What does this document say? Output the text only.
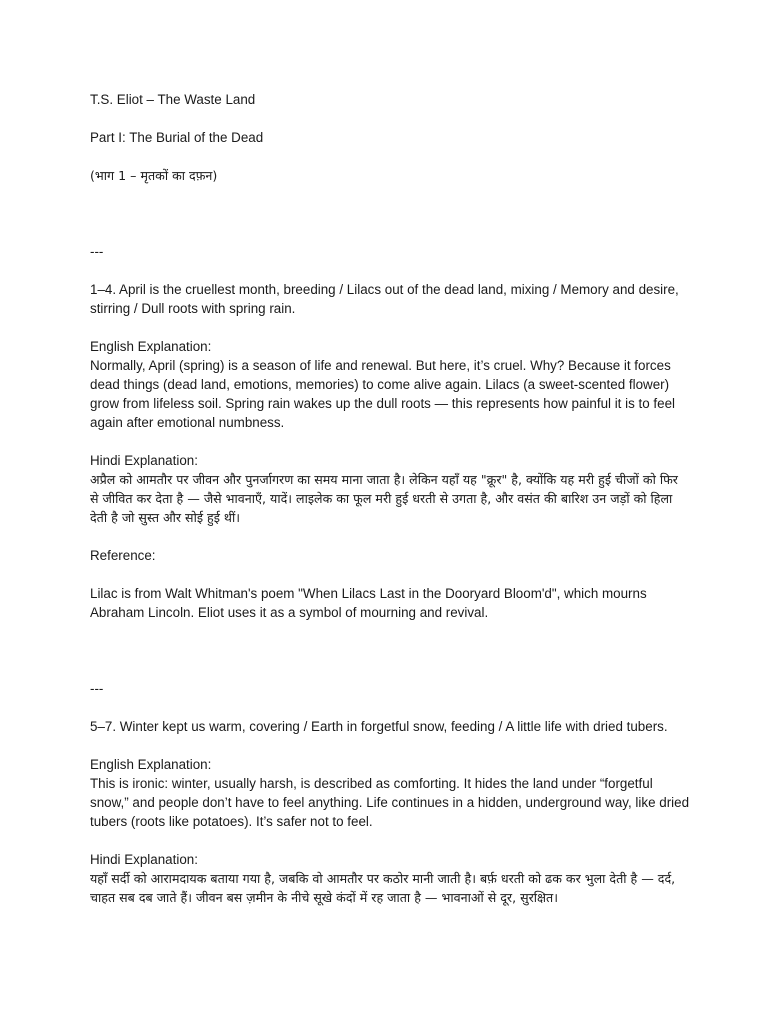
T.S. Eliot – The Waste Land

Part I: The Burial of the Dead

(भाग 1 – मृतकों का दफ़न)

---

1–4. April is the cruellest month, breeding / Lilacs out of the dead land, mixing / Memory and desire, stirring / Dull roots with spring rain.

English Explanation:

Normally, April (spring) is a season of life and renewal. But here, it’s cruel. Why? Because it forces dead things (dead land, emotions, memories) to come alive again. Lilacs (a sweet-scented flower) grow from lifeless soil. Spring rain wakes up the dull roots — this represents how painful it is to feel again after emotional numbness.

Hindi Explanation:

अप्रैल को आमतौर पर जीवन और पुनर्जागरण का समय माना जाता है। लेकिन यहाँ यह "क्रूर" है, क्योंकि यह मरी हुई चीजों को फिर से जीवित कर देता है — जैसे भावनाएँ, यादें। लाइलेक का फूल मरी हुई धरती से उगता है, और वसंत की बारिश उन जड़ों को हिला देती है जो सुस्त और सोई हुई थीं।

Reference:

Lilac is from Walt Whitman's poem "When Lilacs Last in the Dooryard Bloom'd", which mourns Abraham Lincoln. Eliot uses it as a symbol of mourning and revival.

---

5–7. Winter kept us warm, covering / Earth in forgetful snow, feeding / A little life with dried tubers.

English Explanation:

This is ironic: winter, usually harsh, is described as comforting. It hides the land under “forgetful snow,” and people don’t have to feel anything. Life continues in a hidden, underground way, like dried tubers (roots like potatoes). It’s safer not to feel.

Hindi Explanation:

यहाँ सर्दी को आरामदायक बताया गया है, जबकि वो आमतौर पर कठोर मानी जाती है। बर्फ़ धरती को ढक कर भुला देती है — दर्द, चाहत सब दब जाते हैं। जीवन बस ज़मीन के नीचे सूखे कंदों में रह जाता है — भावनाओं से दूर, सुरक्षित।
